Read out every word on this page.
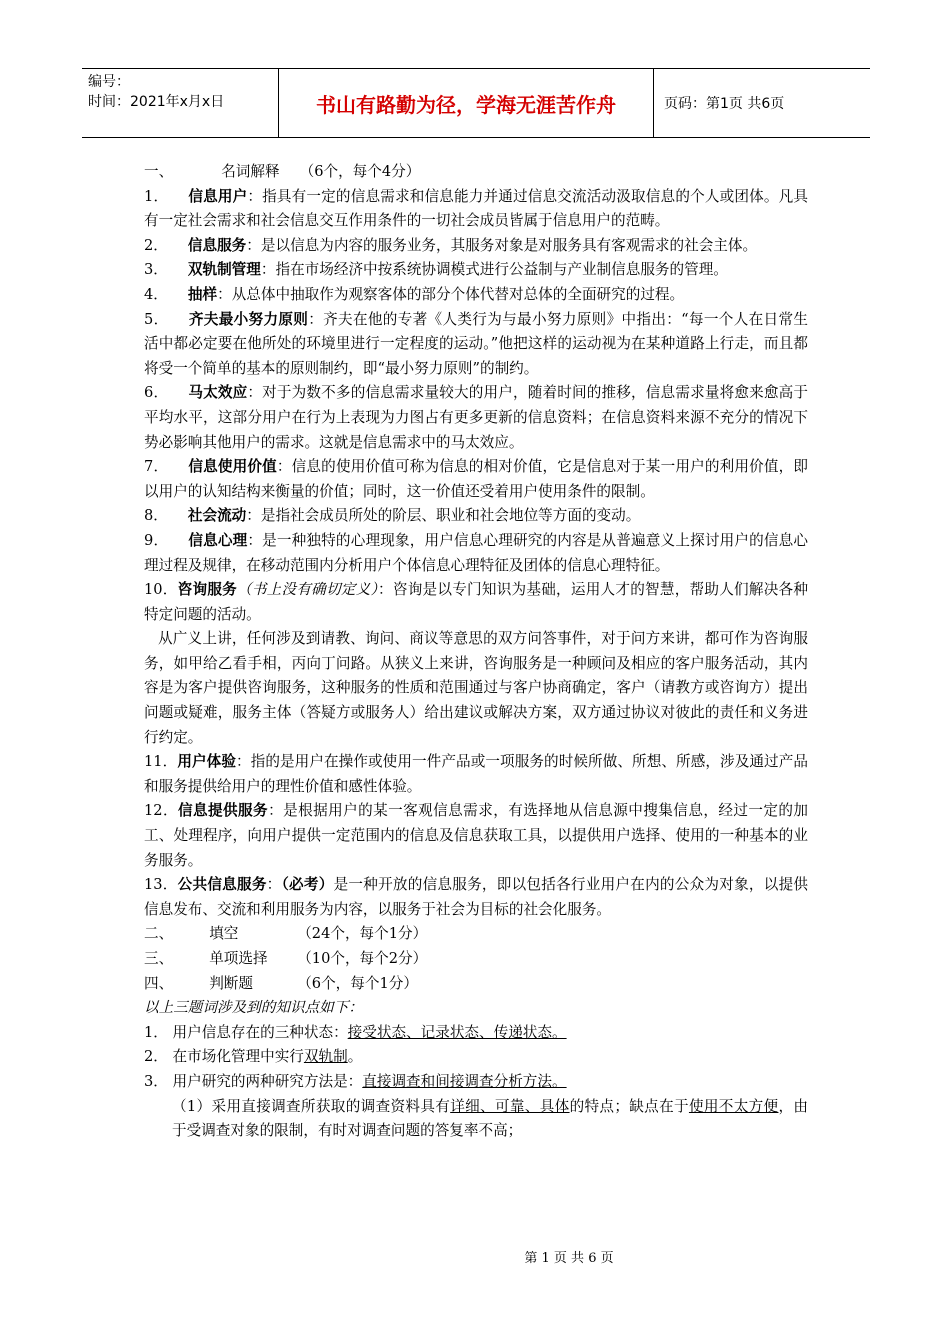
编号：
时间：2021年x月x日	书山有路勤为径，学海无涯苦作舟	页码：第1页 共6页

一、	名词解释 （6个，每个4分）

1． 信息用户：指具有一定的信息需求和信息能力并通过信息交流活动汲取信息的个人或团体。凡具有一定社会需求和社会信息交互作用条件的一切社会成员皆属于信息用户的范畴。

2． 信息服务：是以信息为内容的服务业务，其服务对象是对服务具有客观需求的社会主体。

3． 双轨制管理：指在市场经济中按系统协调模式进行公益制与产业制信息服务的管理。

4． 抽样：从总体中抽取作为观察客体的部分个体代替对总体的全面研究的过程。

5． 齐夫最小努力原则：齐夫在他的专著《人类行为与最小努力原则》中指出：“每一个人在日常生活中都必定要在他所处的环境里进行一定程度的运动。”他把这样的运动视为在某种道路上行走，而且都将受一个简单的基本的原则制约，即“最小努力原则”的制约。

6． 马太效应：对于为数不多的信息需求量较大的用户，随着时间的推移，信息需求量将愈来愈高于平均水平，这部分用户在行为上表现为力图占有更多更新的信息资料；在信息资料来源不充分的情况下势必影响其他用户的需求。这就是信息需求中的马太效应。

7． 信息使用价值：信息的使用价值可称为信息的相对价值，它是信息对于某一用户的利用价值，即以用户的认知结构来衡量的价值；同时，这一价值还受着用户使用条件的限制。

8． 社会流动：是指社会成员所处的阶层、职业和社会地位等方面的变动。

9． 信息心理：是一种独特的心理现象，用户信息心理研究的内容是从普遍意义上探讨用户的信息心理过程及规律，在移动范围内分析用户个体信息心理特征及团体的信息心理特征。

10．咨询服务（书上没有确切定义）：咨询是以专门知识为基础，运用人才的智慧，帮助人们解决各种特定问题的活动。

从广义上讲，任何涉及到请教、询问、商议等意思的双方问答事件，对于问方来讲，都可作为咨询服务，如甲给乙看手相，丙向丁问路。从狭义上来讲，咨询服务是一种顾问及相应的客户服务活动，其内容是为客户提供咨询服务，这种服务的性质和范围通过与客户协商确定，客户（请教方或咨询方）提出问题或疑难，服务主体（答疑方或服务人）给出建议或解决方案，双方通过协议对彼此的责任和义务进行约定。

11．用户体验：指的是用户在操作或使用一件产品或一项服务的时候所做、所想、所感，涉及通过产品和服务提供给用户的理性价值和感性体验。

12．信息提供服务：是根据用户的某一客观信息需求，有选择地从信息源中搜集信息，经过一定的加工、处理程序，向用户提供一定范围内的信息及信息获取工具，以提供用户选择、使用的一种基本的业务服务。

13．公共信息服务：（必考）是一种开放的信息服务，即以包括各行业用户在内的公众为对象，以提供信息发布、交流和利用服务为内容，以服务于社会为目标的社会化服务。

二、 填空	（24个，每个1分）

三、 单项选择 （10个，每个2分）

四、 判断题	（6个，每个1分）

以上三题词涉及到的知识点如下：

1． 用户信息存在的三种状态：接受状态、记录状态、传递状态。

2． 在市场化管理中实行双轨制。

3． 用户研究的两种研究方法是：直接调查和间接调查分析方法。

（1）采用直接调查所获取的调查资料具有详细、可靠、具体的特点；缺点在于使用不太方便，由于受调查对象的限制，有时对调查问题的答复率不高；

第 1 页 共 6 页
